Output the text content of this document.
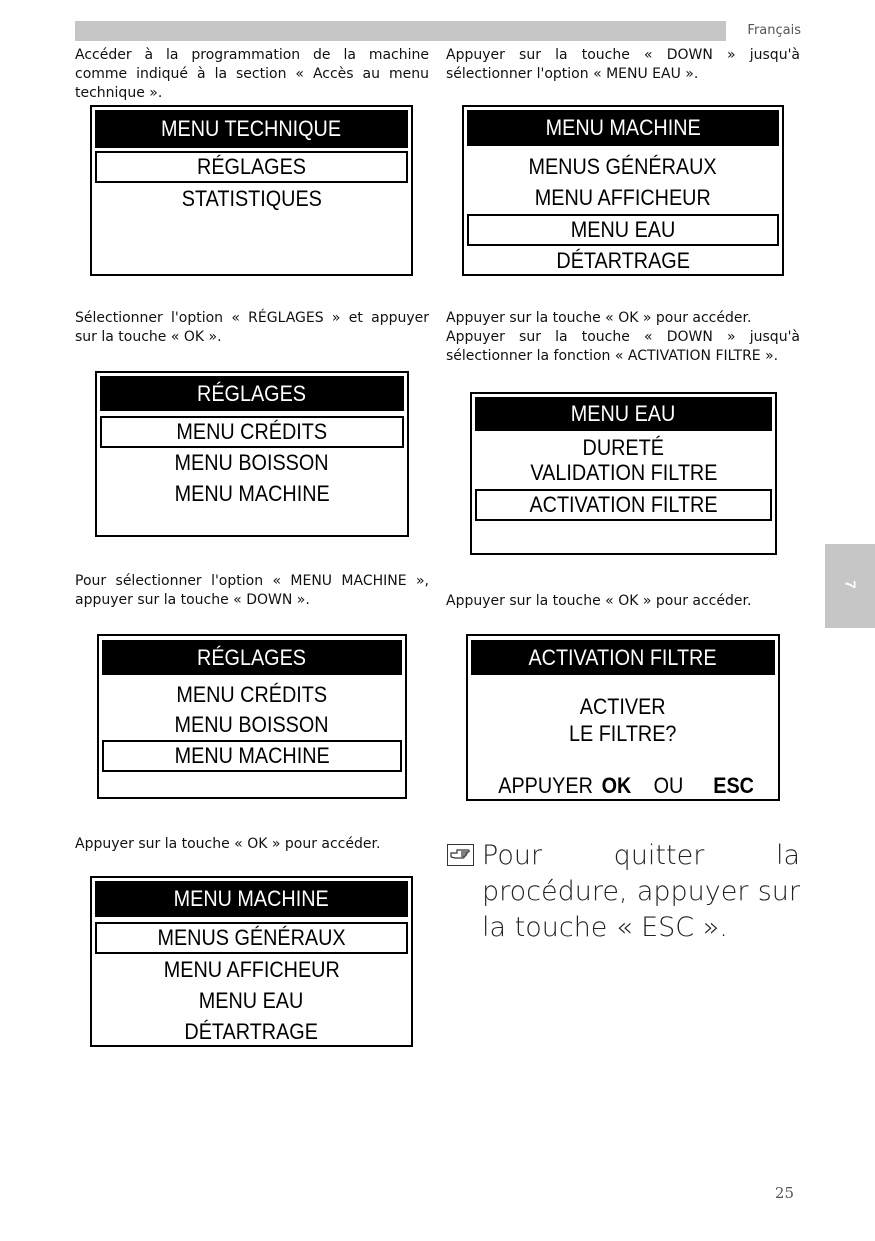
Français
Accéder à la programmation de la machine comme indiqué à la section « Accès au menu technique ».
MENU TECHNIQUE
RÉGLAGES
STATISTIQUES
Sélectionner l'option « RÉGLAGES » et appuyer sur la touche « OK ».
RÉGLAGES
MENU CRÉDITS
MENU BOISSON
MENU MACHINE
Pour sélectionner l'option « MENU MACHINE », appuyer sur la touche « DOWN ».
RÉGLAGES
MENU CRÉDITS
MENU BOISSON
MENU MACHINE
Appuyer sur la touche « OK » pour accéder.
MENU MACHINE
MENUS GÉNÉRAUX
MENU AFFICHEUR
MENU EAU
DÉTARTRAGE
Appuyer sur la touche « DOWN » jusqu'à sélectionner l'option « MENU EAU ».
MENU MACHINE
MENUS GÉNÉRAUX
MENU AFFICHEUR
MENU EAU
DÉTARTRAGE
Appuyer sur la touche « OK » pour accéder.
Appuyer sur la touche « DOWN » jusqu'à sélectionner la fonction « ACTIVATION FILTRE ».
MENU EAU
DURETÉ
VALIDATION FILTRE
ACTIVATION FILTRE
Appuyer sur la touche « OK » pour accéder.
ACTIVATION FILTRE
ACTIVER
LE FILTRE?
APPUYER OK OU ESC
Pour quitter la procédure, appuyer sur la touche « ESC ».
7
25
